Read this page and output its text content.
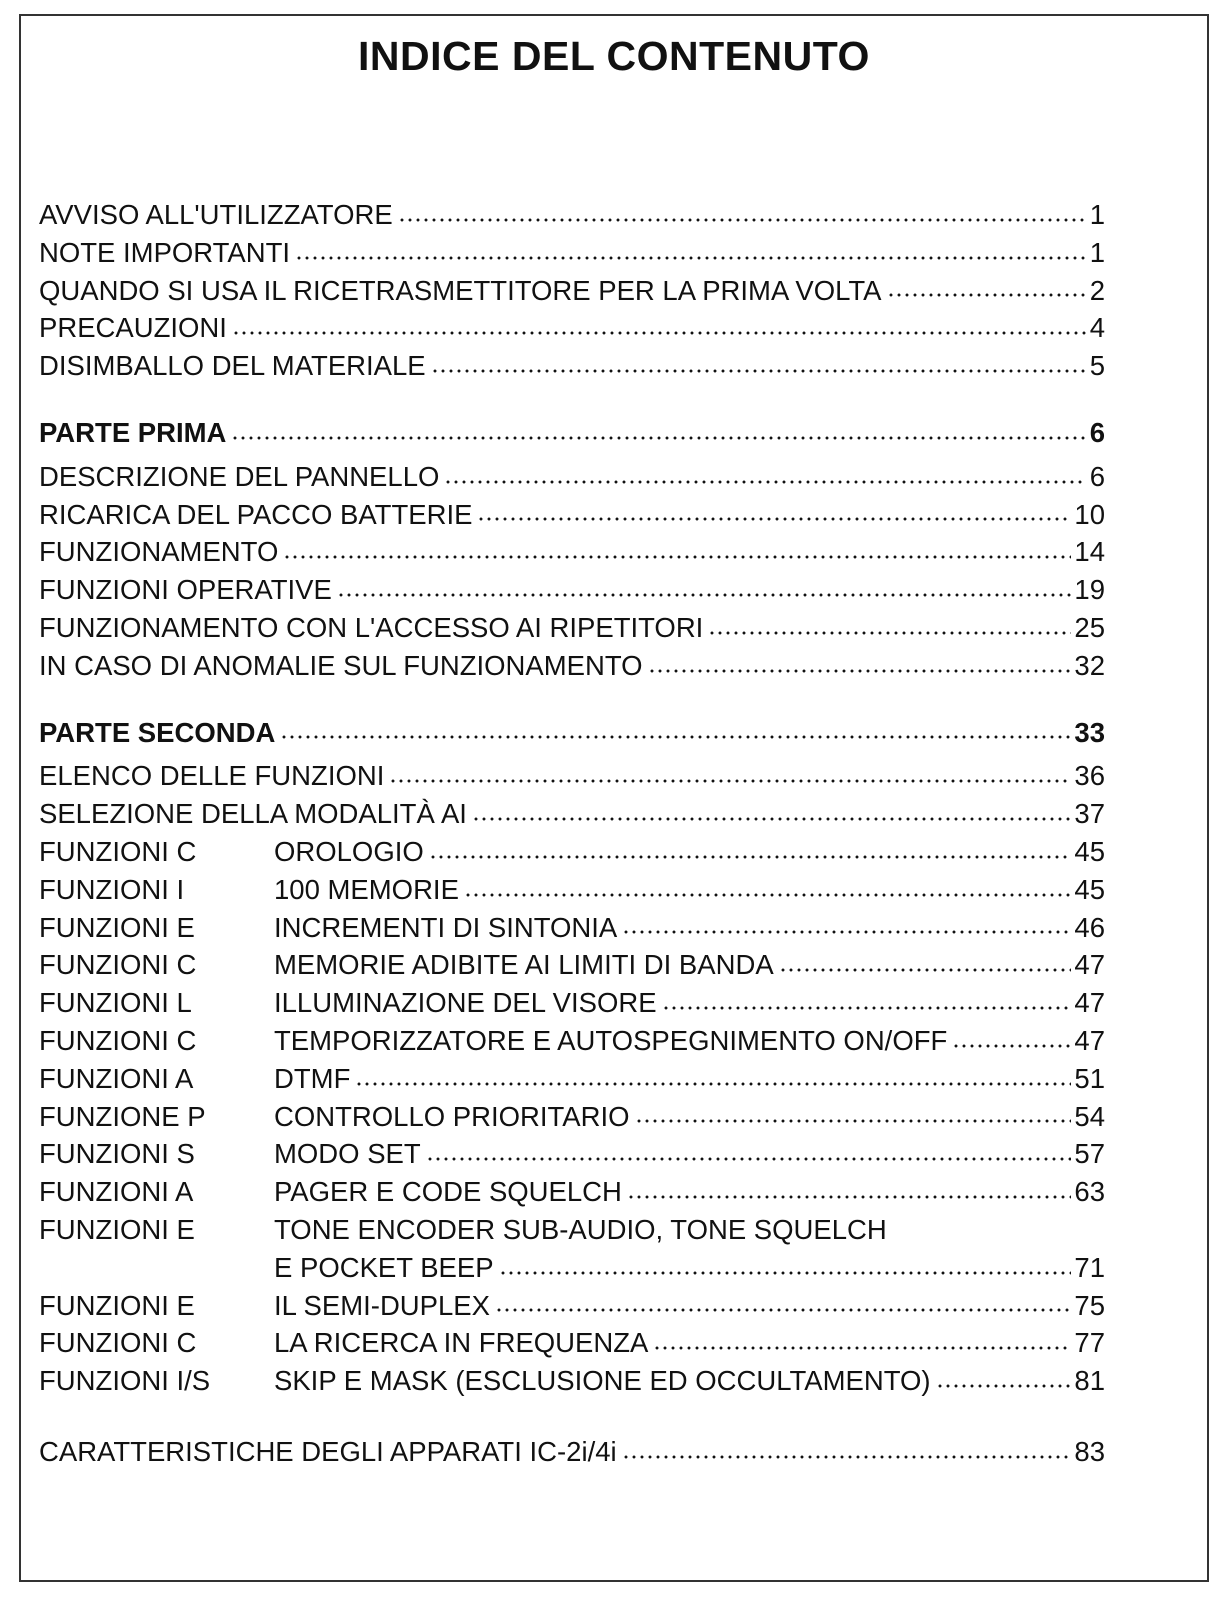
INDICE DEL CONTENUTO
AVVISO ALL'UTILIZZATORE	1
NOTE IMPORTANTI	1
QUANDO SI USA IL RICETRASMETTITORE PER LA PRIMA VOLTA	2
PRECAUZIONI	4
DISIMBALLO DEL MATERIALE	5
PARTE PRIMA	6
DESCRIZIONE DEL PANNELLO	6
RICARICA DEL PACCO BATTERIE	10
FUNZIONAMENTO	14
FUNZIONI OPERATIVE	19
FUNZIONAMENTO CON L'ACCESSO AI RIPETITORI	25
IN CASO DI ANOMALIE SUL FUNZIONAMENTO	32
PARTE SECONDA	33
ELENCO DELLE FUNZIONI	36
SELEZIONE DELLA MODALITÀ AI	37
FUNZIONI C	OROLOGIO	45
FUNZIONI I	100 MEMORIE	45
FUNZIONI E	INCREMENTI DI SINTONIA	46
FUNZIONI C	MEMORIE ADIBITE AI LIMITI DI BANDA	47
FUNZIONI L	ILLUMINAZIONE DEL VISORE	47
FUNZIONI C	TEMPORIZZATORE E AUTOSPEGNIMENTO ON/OFF	47
FUNZIONI A	DTMF	51
FUNZIONE P	CONTROLLO PRIORITARIO	54
FUNZIONI S	MODO SET	57
FUNZIONI A	PAGER E CODE SQUELCH	63
FUNZIONI E	TONE ENCODER SUB-AUDIO, TONE SQUELCH
E POCKET BEEP	71
FUNZIONI E	IL SEMI-DUPLEX	75
FUNZIONI C	LA RICERCA IN FREQUENZA	77
FUNZIONI I/S	SKIP E MASK (ESCLUSIONE ED OCCULTAMENTO)	81
CARATTERISTICHE DEGLI APPARATI IC-2i/4i	83
